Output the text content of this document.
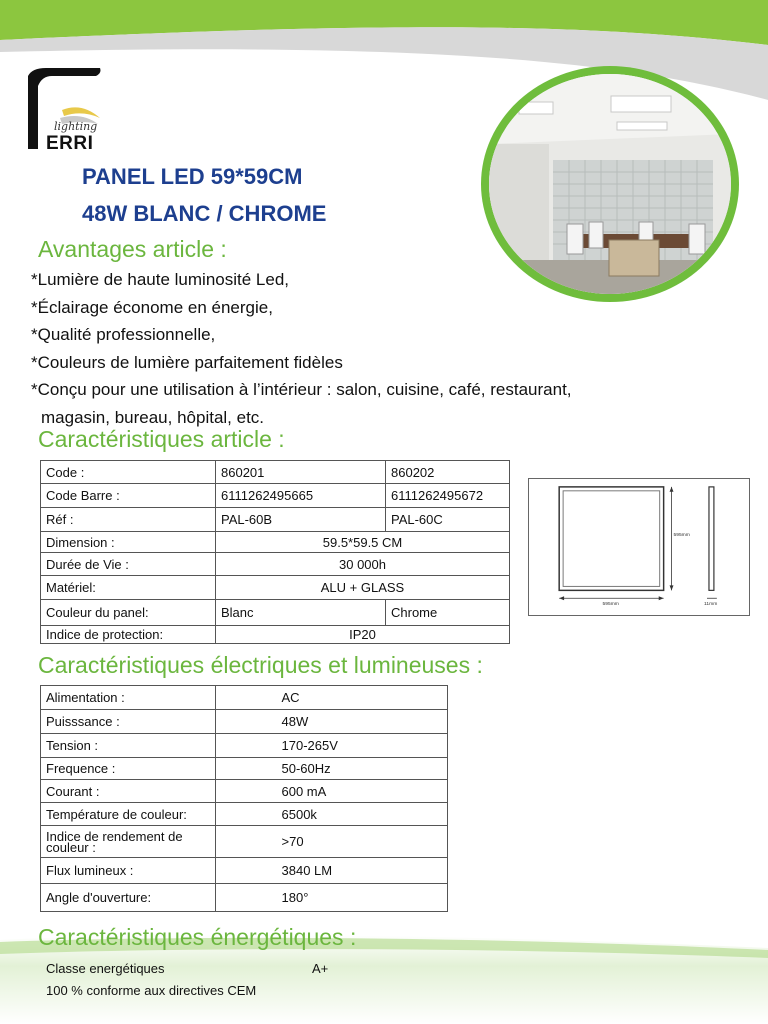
lighting
ERRI
PANEL LED 59*59CM
48W BLANC / CHROME
Avantages article :
*Lumière de haute luminosité Led,
*Éclairage économe en énergie,
*Qualité professionnelle,
*Couleurs de lumière parfaitement fidèles
*Conçu pour une utilisation à l’intérieur : salon, cuisine, café, restaurant,
magasin, bureau, hôpital, etc.
Caractéristiques article :
Code :	860201	860202
Code Barre :	6111262495665	6111262495672
Réf :	PAL-60B	PAL-60C
Dimension :	59.5*59.5 CM	
Durée de Vie :	30 000h	
Matériel:	ALU + GLASS	
Couleur du panel:	Blanc	Chrome
Indice de protection:	IP20	
595mm
595mm
11mm
Caractéristiques électriques et lumineuses :
Alimentation :	AC
Puisssance :	48W
Tension :	170-265V
Frequence :	50-60Hz
Courant :	600 mA
Température de couleur:	6500k

Indice de rendement de
couleur :	>70
Flux lumineux :	3840 LM
Angle d'ouverture:	180°
Caractéristiques énergétiques :
Classe energétiques	A+
100 % conforme aux directives CEM
